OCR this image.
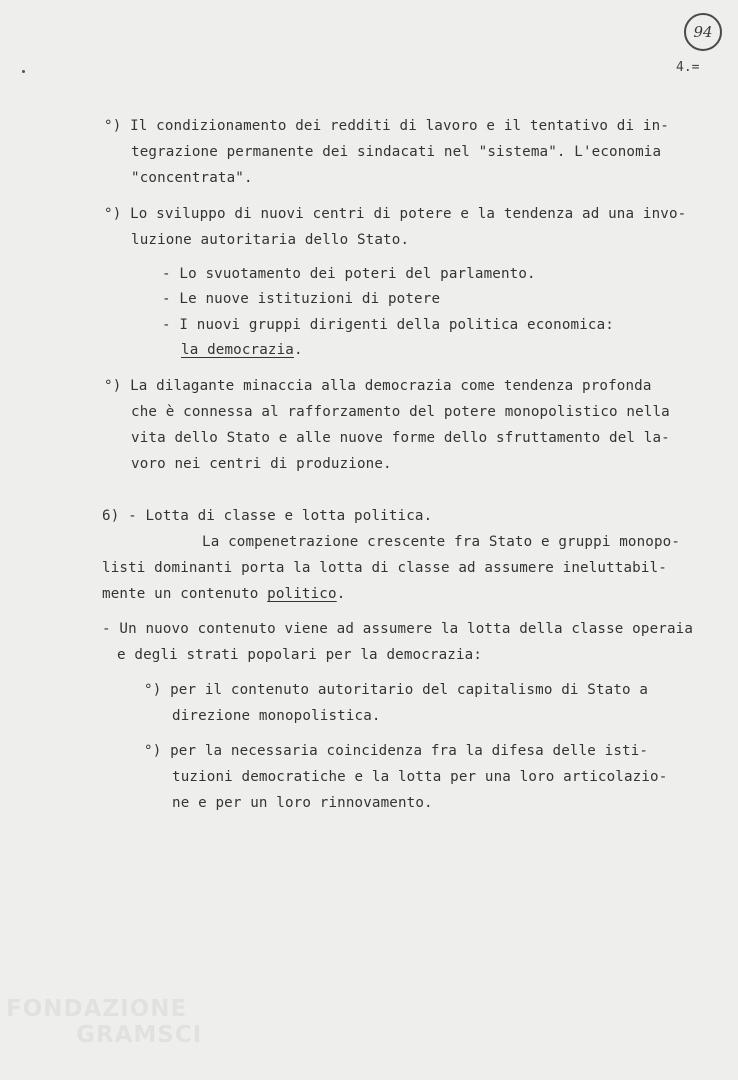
94
4.=
°) Il condizionamento dei redditi di lavoro e il tentativo di in-
tegrazione permanente dei sindacati nel "sistema". L'economia
"concentrata".
°) Lo sviluppo di nuovi centri di potere e la tendenza ad una invo-
luzione autoritaria dello Stato.
- Lo svuotamento dei poteri del parlamento.
- Le nuove istituzioni di potere
- I nuovi gruppi dirigenti della politica economica:
la democrazia.
°) La dilagante minaccia alla democrazia come tendenza profonda
che è connessa al rafforzamento del potere monopolistico nella
vita dello Stato e alle nuove forme dello sfruttamento del la-
voro nei centri di produzione.
6) - Lotta di classe e lotta politica.
La compenetrazione crescente fra Stato e gruppi monopo-
listi dominanti porta la lotta di classe ad assumere ineluttabil-
mente un contenuto politico.
- Un nuovo contenuto viene ad assumere la lotta della classe operaia
e degli strati popolari per la democrazia:
°) per il contenuto autoritario del capitalismo di Stato a
direzione monopolistica.
°) per la necessaria coincidenza fra la difesa delle isti-
tuzioni democratiche e la lotta per una loro articolazio-
ne e per un loro rinnovamento.
FONDAZIONE
GRAMSCI
